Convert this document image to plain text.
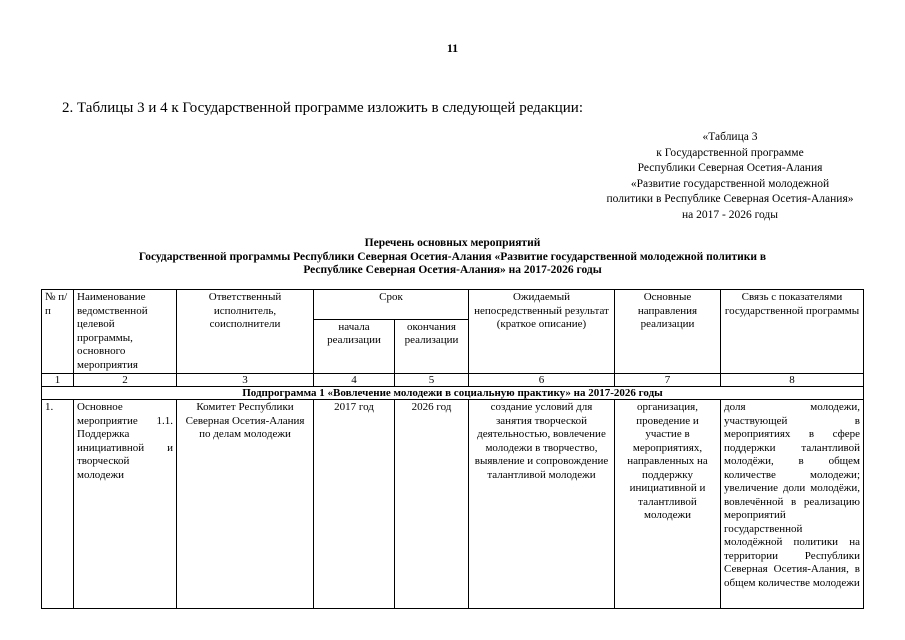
11
2. Таблицы 3 и 4 к Государственной программе изложить в следующей редакции:
«Таблица 3
к Государственной программе
Республики Северная Осетия-Алания
«Развитие государственной молодежной
политики в Республике Северная Осетия-Алания»
на 2017 - 2026 годы
Перечень основных мероприятий
Государственной программы Республики Северная Осетия-Алания «Развитие государственной молодежной политики в
Республике Северная Осетия-Алания» на 2017-2026 годы
№ п/п	Наименование ведомственной целевой программы, основного мероприятия	Ответственный исполнитель, соисполнители	Срок		Ожидаемый непосредственный результат (краткое описание)	Основные направления реализации	Связь с показателями государственной программы
			начала реализации	окончания реализации			
1	2	3	4	5	6	7	8
Подпрограмма 1 «Вовлечение молодежи в социальную практику» на 2017-2026 годы							
1.	Основное мероприятие 1.1. Поддержка инициативной и творческой молодежи	Комитет Республики Северная Осетия-Алания по делам молодежи	2017 год	2026 год	создание условий для занятия творческой деятельностью, вовлечение молодежи в творчество, выявление и сопровождение талантливой молодежи	организация, проведение и участие в мероприятиях, направленных на поддержку инициативной и талантливой молодежи	доля молодежи, участвующей в мероприятиях в сфере поддержки талантливой молодёжи, в общем количестве молодежи; увеличение доли молодёжи, вовлечённой в реализацию мероприятий государственной молодёжной политики на территории Республики Северная Осетия-Алания, в общем количестве молодежи
